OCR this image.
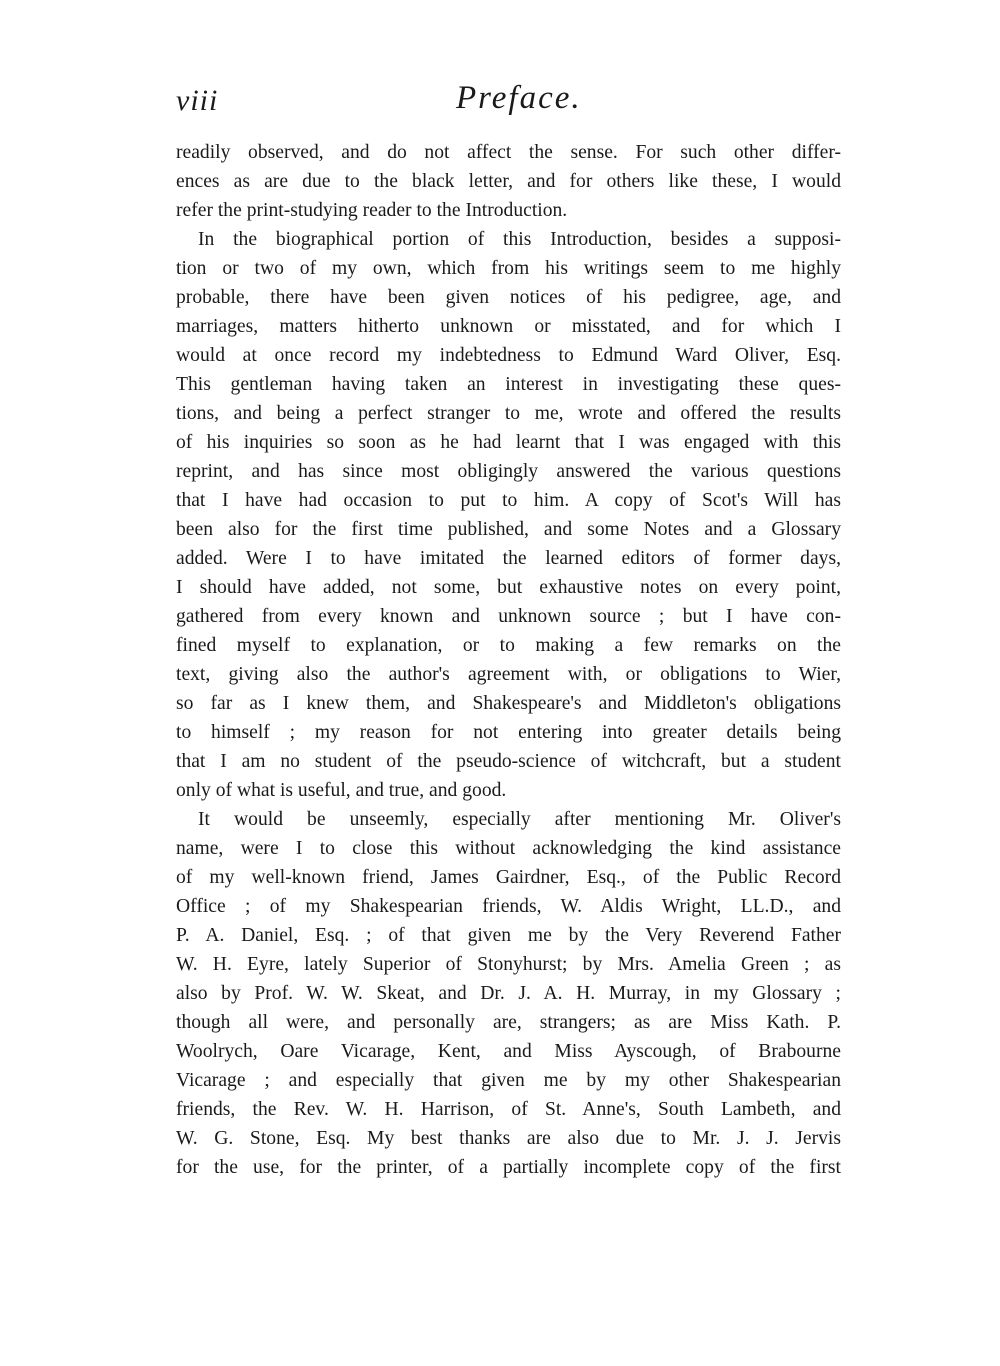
viii	Preface.
readily observed, and do not affect the sense. For such other differ-
ences as are due to the black letter, and for others like these, I would
refer the print-studying reader to the Introduction.
In the biographical portion of this Introduction, besides a supposi-
tion or two of my own, which from his writings seem to me highly
probable, there have been given notices of his pedigree, age, and
marriages, matters hitherto unknown or misstated, and for which I
would at once record my indebtedness to Edmund Ward Oliver, Esq.
This gentleman having taken an interest in investigating these ques-
tions, and being a perfect stranger to me, wrote and offered the results
of his inquiries so soon as he had learnt that I was engaged with this
reprint, and has since most obligingly answered the various questions
that I have had occasion to put to him. A copy of Scot's Will has
been also for the first time published, and some Notes and a Glossary
added. Were I to have imitated the learned editors of former days,
I should have added, not some, but exhaustive notes on every point,
gathered from every known and unknown source ; but I have con-
fined myself to explanation, or to making a few remarks on the
text, giving also the author's agreement with, or obligations to Wier,
so far as I knew them, and Shakespeare's and Middleton's obligations
to himself ; my reason for not entering into greater details being
that I am no student of the pseudo-science of witchcraft, but a student
only of what is useful, and true, and good.
It would be unseemly, especially after mentioning Mr. Oliver's
name, were I to close this without acknowledging the kind assistance
of my well-known friend, James Gairdner, Esq., of the Public Record
Office ; of my Shakespearian friends, W. Aldis Wright, LL.D., and
P. A. Daniel, Esq. ; of that given me by the Very Reverend Father
W. H. Eyre, lately Superior of Stonyhurst; by Mrs. Amelia Green ; as
also by Prof. W. W. Skeat, and Dr. J. A. H. Murray, in my Glossary ;
though all were, and personally are, strangers; as are Miss Kath. P.
Woolrych, Oare Vicarage, Kent, and Miss Ayscough, of Brabourne
Vicarage ; and especially that given me by my other Shakespearian
friends, the Rev. W. H. Harrison, of St. Anne's, South Lambeth, and
W. G. Stone, Esq. My best thanks are also due to Mr. J. J. Jervis
for the use, for the printer, of a partially incomplete copy of the first
